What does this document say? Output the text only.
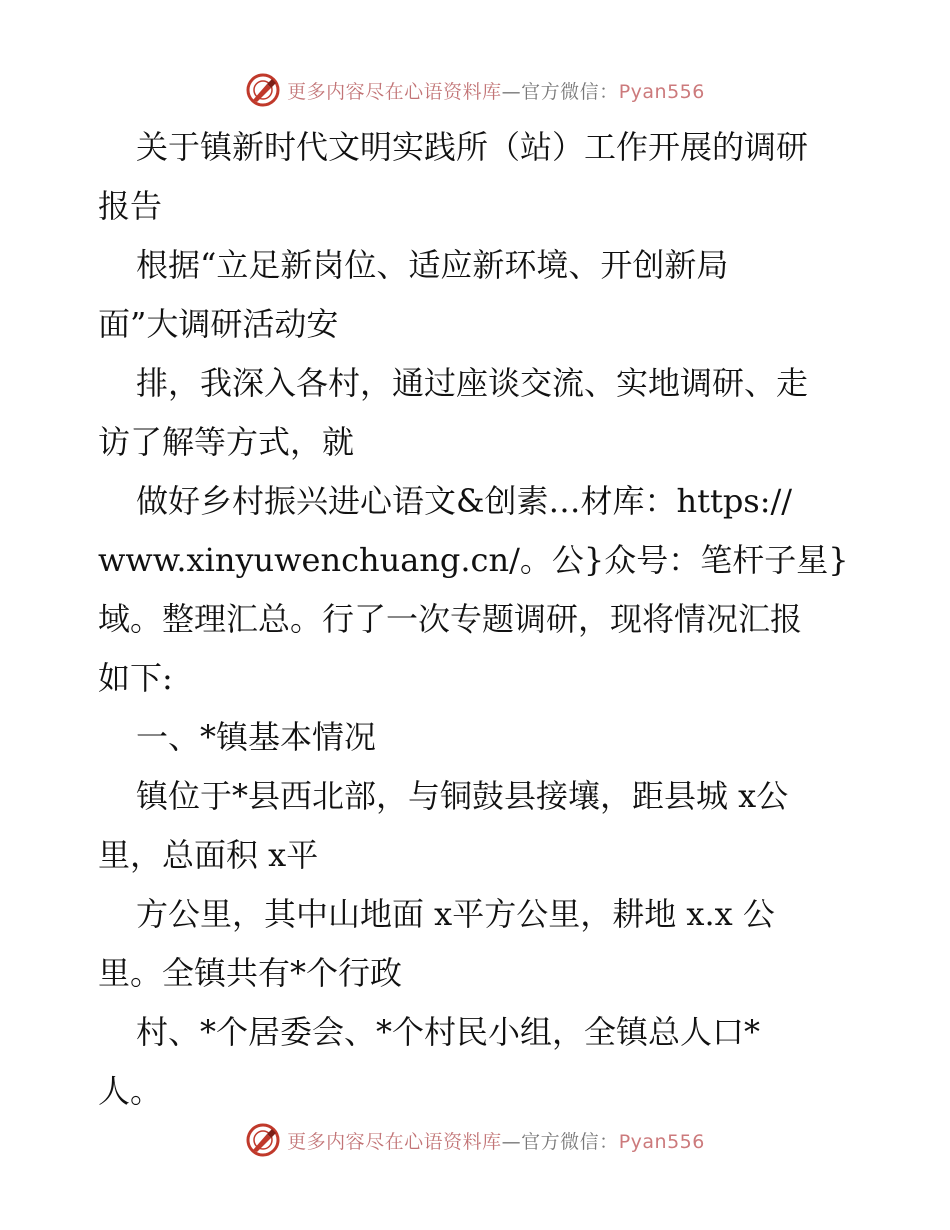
更多内容尽在心语资料库—官方微信：Pyan556
关于镇新时代文明实践所（站）工作开展的调研
报告
根据“立足新岗位、适应新环境、开创新局
面”大调研活动安
排，我深入各村，通过座谈交流、实地调研、走
访了解等方式，就
做好乡村振兴进心语文&创素…材库：https://
www.xinyuwenchuang.cn/。公}众号：笔杆子星}
域。整理汇总。行了一次专题调研，现将情况汇报
如下:
一、*镇基本情况
镇位于*县西北部，与铜鼓县接壤，距县城 x公
里，总面积 x平
方公里，其中山地面 x平方公里，耕地 x.x 公
里。全镇共有*个行政
村、*个居委会、*个村民小组，全镇总人口*
人。
更多内容尽在心语资料库—官方微信：Pyan556
